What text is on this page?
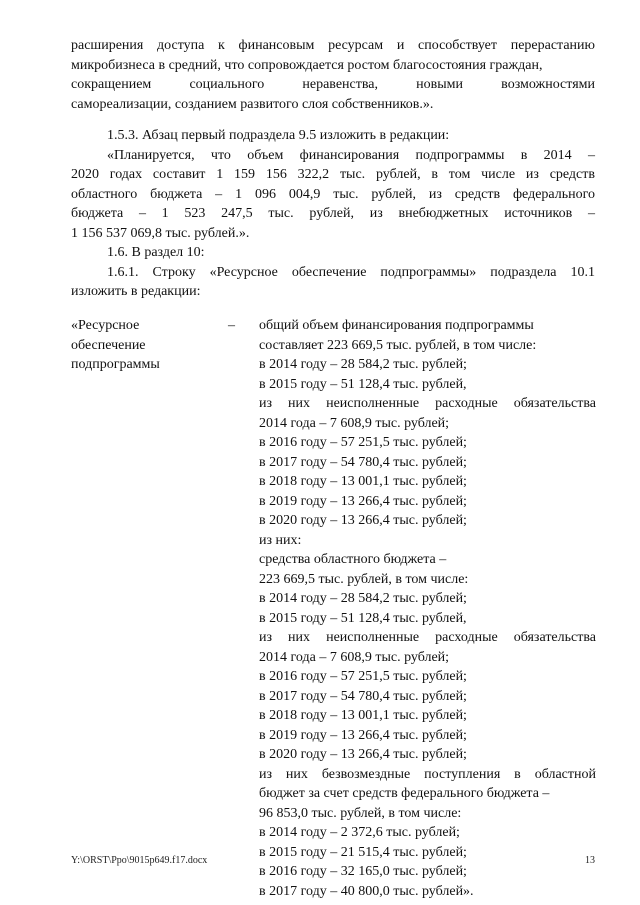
расширения доступа к финансовым ресурсам и способствует перерастанию
микробизнеса в средний, что сопровождается ростом благосостояния граждан,
сокращением социального неравенства, новыми возможностями
самореализации, созданием развитого слоя собственников.».
1.5.3. Абзац первый подраздела 9.5 изложить в редакции:
«Планируется, что объем финансирования подпрограммы в 2014 –
2020 годах составит 1 159 156 322,2 тыс. рублей, в том числе из средств
областного бюджета – 1 096 004,9 тыс. рублей, из средств федерального
бюджета – 1 523 247,5 тыс. рублей, из внебюджетных источников –
1 156 537 069,8 тыс. рублей.».
1.6. В раздел 10:
1.6.1. Строку «Ресурсное обеспечение подпрограммы» подраздела 10.1
изложить в редакции:
«Ресурсное
обеспечение
подпрограммы
– общий объем финансирования подпрограммы
составляет 223 669,5 тыс. рублей, в том числе:
в 2014 году – 28 584,2 тыс. рублей;
в 2015 году – 51 128,4 тыс. рублей,
из них неисполненные расходные обязательства
2014 года – 7 608,9 тыс. рублей;
в 2016 году – 57 251,5 тыс. рублей;
в 2017 году – 54 780,4 тыс. рублей;
в 2018 году – 13 001,1 тыс. рублей;
в 2019 году – 13 266,4 тыс. рублей;
в 2020 году – 13 266,4 тыс. рублей;
из них:
средства областного бюджета –
223 669,5 тыс. рублей, в том числе:
в 2014 году – 28 584,2 тыс. рублей;
в 2015 году – 51 128,4 тыс. рублей,
из них неисполненные расходные обязательства
2014 года – 7 608,9 тыс. рублей;
в 2016 году – 57 251,5 тыс. рублей;
в 2017 году – 54 780,4 тыс. рублей;
в 2018 году – 13 001,1 тыс. рублей;
в 2019 году – 13 266,4 тыс. рублей;
в 2020 году – 13 266,4 тыс. рублей;
из них безвозмездные поступления в областной
бюджет за счет средств федерального бюджета –
96 853,0 тыс. рублей, в том числе:
в 2014 году – 2 372,6 тыс. рублей;
в 2015 году – 21 515,4 тыс. рублей;
в 2016 году – 32 165,0 тыс. рублей;
в 2017 году – 40 800,0 тыс. рублей».
Y:\ORST\Ppo\9015p649.f17.docx	13
